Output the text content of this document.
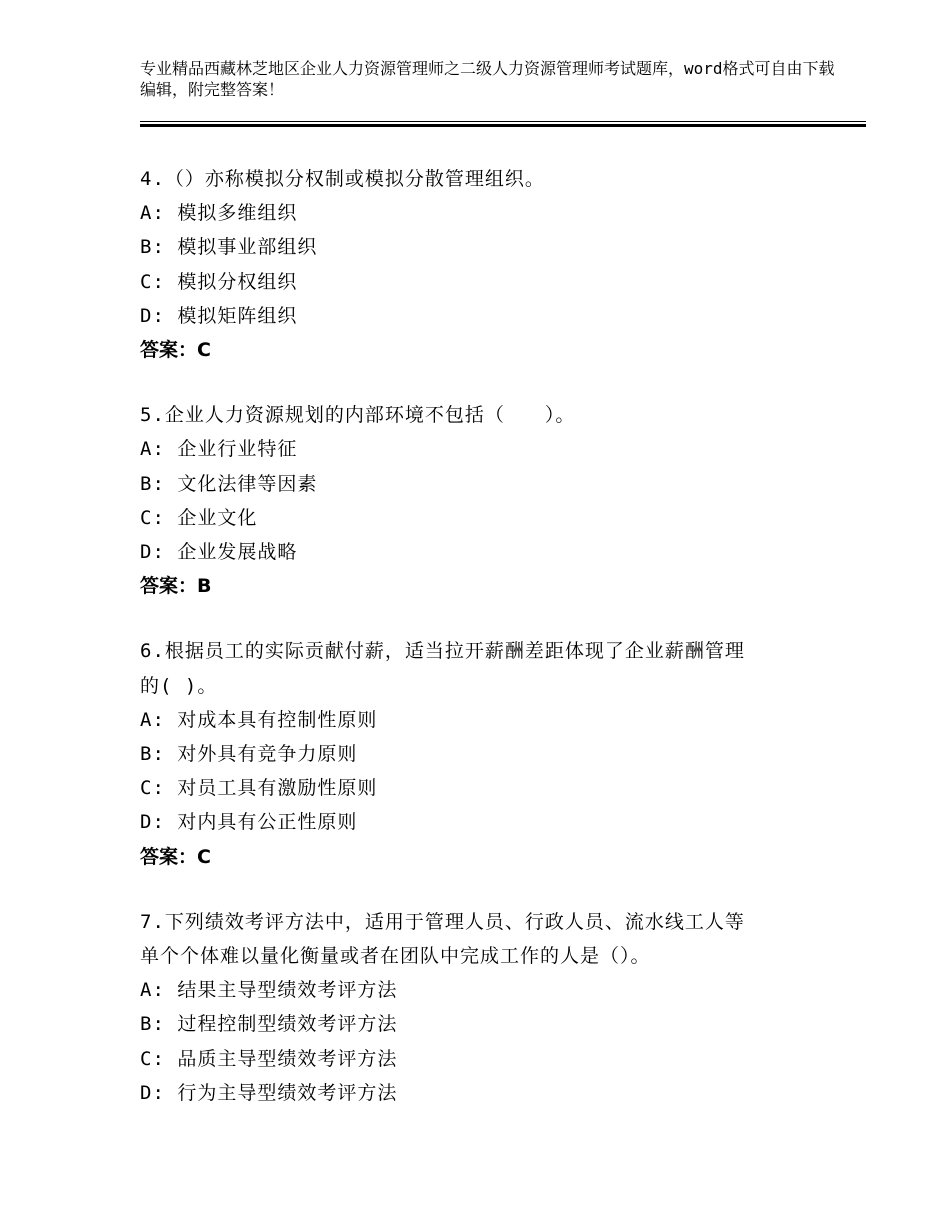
专业精品西藏林芝地区企业人力资源管理师之二级人力资源管理师考试题库，word格式可自由下载编辑，附完整答案！
4.（）亦称模拟分权制或模拟分散管理组织。
A: 模拟多维组织
B: 模拟事业部组织
C: 模拟分权组织
D: 模拟矩阵组织
答案：C
5.企业人力资源规划的内部环境不包括（　　）。
A: 企业行业特征
B: 文化法律等因素
C: 企业文化
D: 企业发展战略
答案：B
6.根据员工的实际贡献付薪，适当拉开薪酬差距体现了企业薪酬管理
的( )。
A: 对成本具有控制性原则
B: 对外具有竞争力原则
C: 对员工具有激励性原则
D: 对内具有公正性原则
答案：C
7.下列绩效考评方法中，适用于管理人员、行政人员、流水线工人等
单个个体难以量化衡量或者在团队中完成工作的人是（）。
A: 结果主导型绩效考评方法
B: 过程控制型绩效考评方法
C: 品质主导型绩效考评方法
D: 行为主导型绩效考评方法
